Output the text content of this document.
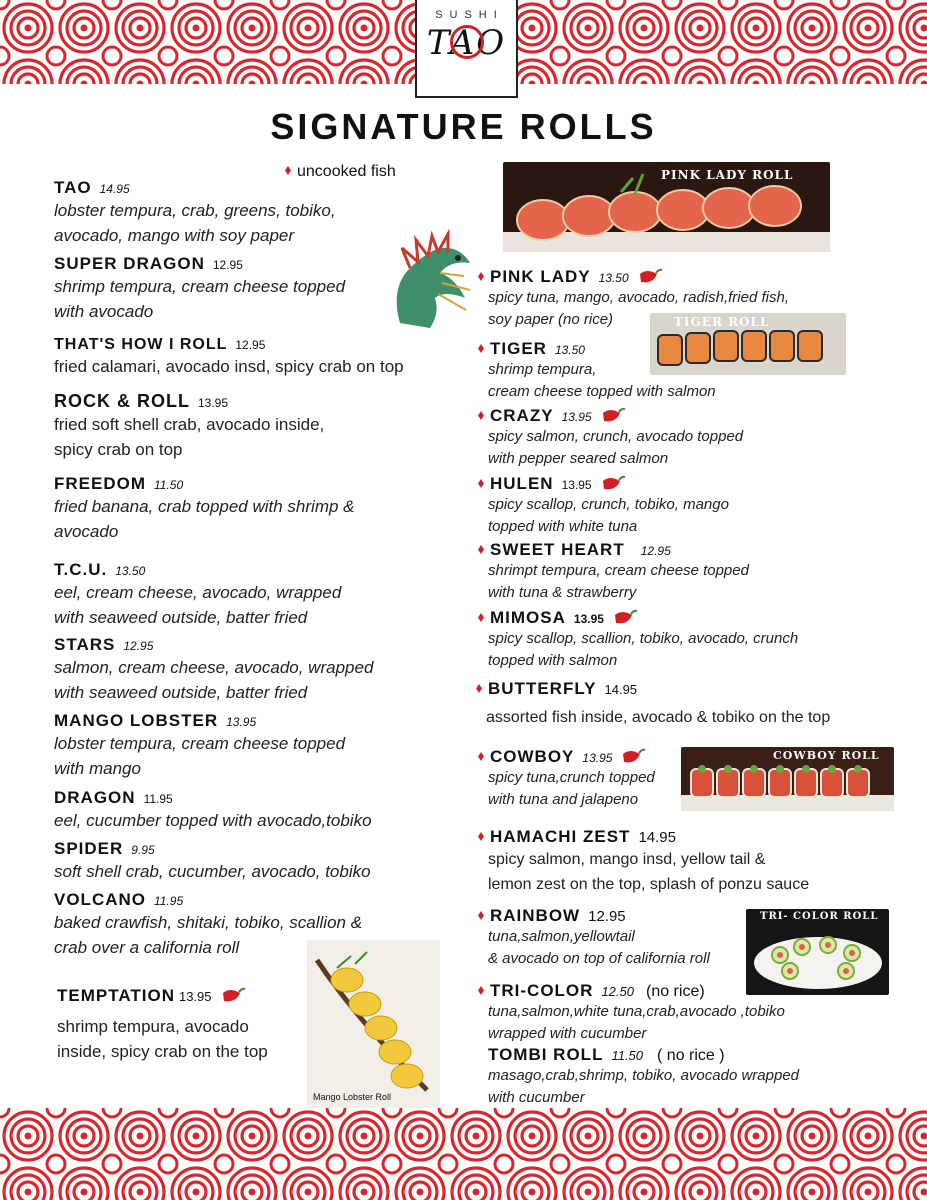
SUSHI
TAO
SIGNATURE ROLLS
uncooked fish
TAO 14.95
lobster tempura, crab, greens, tobiko,
avocado, mango with soy paper
SUPER DRAGON 12.95
shrimp tempura, cream cheese topped
with avocado
THAT'S HOW I ROLL 12.95
fried calamari, avocado insd, spicy crab on top
ROCK & ROLL 13.95
fried soft shell crab, avocado inside,
spicy crab on top
FREEDOM 11.50
fried banana, crab topped with shrimp &
avocado
T.C.U. 13.50
eel, cream cheese, avocado, wrapped
with seaweed outside, batter fried
STARS 12.95
salmon, cream cheese, avocado, wrapped
with seaweed outside, batter fried
MANGO LOBSTER 13.95
lobster tempura, cream cheese topped
with mango
DRAGON 11.95
eel, cucumber topped with avocado,tobiko
SPIDER 9.95
soft shell crab, cucumber, avocado, tobiko
VOLCANO 11.95
baked crawfish, shitaki, tobiko, scallion &
crab over a california roll
TEMPTATION 13.95
shrimp tempura, avocado
inside, spicy crab on the top
Mango Lobster Roll
PINK LADY ROLL
PINK LADY 13.50
spicy tuna, mango, avocado, radish,fried fish,
soy paper (no rice)	TIGER ROLL
TIGER 13.50
shrimp tempura,
cream cheese topped with salmon
CRAZY 13.95
spicy salmon, crunch, avocado topped
with pepper seared salmon
HULEN 13.95
spicy scallop, crunch, tobiko, mango
topped with white tuna
SWEET HEART 12.95
shrimpt tempura, cream cheese topped
with tuna & strawberry
MIMOSA 13.95
spicy scallop, scallion, tobiko, avocado, crunch
topped with salmon
BUTTERFLY 14.95
assorted fish inside, avocado & tobiko on the top
COWBOY 13.95
spicy tuna,crunch topped
with tuna and jalapeno
COWBOY ROLL
HAMACHI ZEST 14.95
spicy salmon, mango insd, yellow tail &
lemon zest on the top, splash of ponzu sauce
RAINBOW 12.95
tuna,salmon,yellowtail
& avocado on top of california roll
TRI- COLOR ROLL
TRI-COLOR 12.50 (no rice)
tuna,salmon,white tuna,crab,avocado ,tobiko
wrapped with cucumber
TOMBI ROLL 11.50 ( no rice )
masago,crab,shrimp, tobiko, avocado wrapped
with cucumber
